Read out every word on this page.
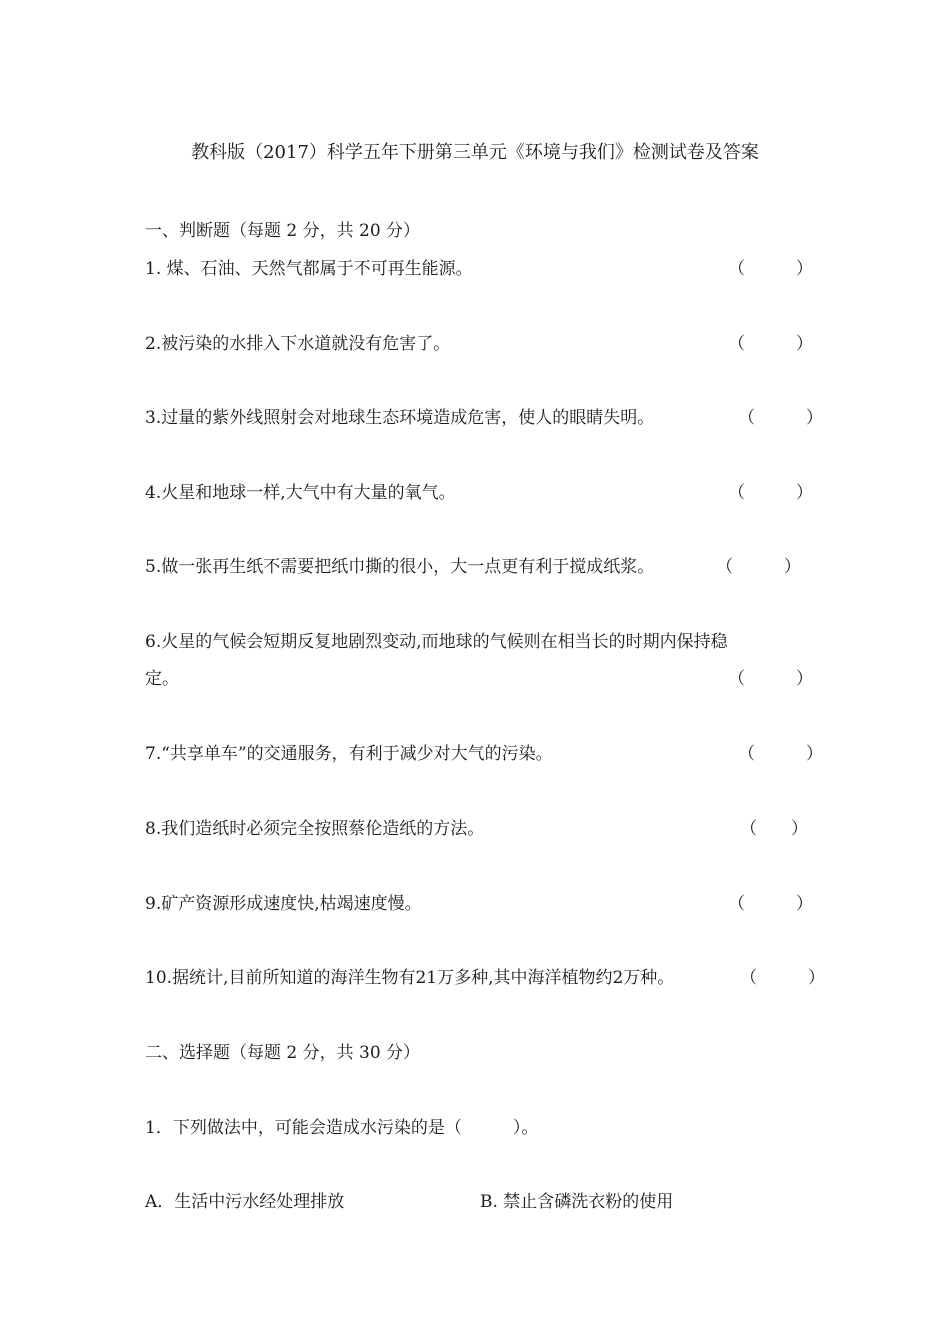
教科版（2017）科学五年下册第三单元《环境与我们》检测试卷及答案
一、判断题（每题 2 分，共 20 分）
1. 煤、石油、天然气都属于不可再生能源。	（　　　）
2.被污染的水排入下水道就没有危害了。	（　　　）
3.过量的紫外线照射会对地球生态环境造成危害，使人的眼睛失明。	（　　　）
4.火星和地球一样,大气中有大量的氧气。	（　　　）
5.做一张再生纸不需要把纸巾撕的很小，大一点更有利于搅成纸浆。	（　　　）
6.火星的气候会短期反复地剧烈变动,而地球的气候则在相当长的时期内保持稳
定。	（　　　）
7.“共享单车”的交通服务，有利于减少对大气的污染。	（　　　）
8.我们造纸时必须完全按照蔡伦造纸的方法。	（　　）
9.矿产资源形成速度快,枯竭速度慢。	（　　　）
10.据统计,目前所知道的海洋生物有21万多种,其中海洋植物约2万种。	（　　　）
二、选择题（每题 2 分，共 30 分）
1．下列做法中，可能会造成水污染的是（　　　）。
A．生活中污水经处理排放	B. 禁止含磷洗衣粉的使用
